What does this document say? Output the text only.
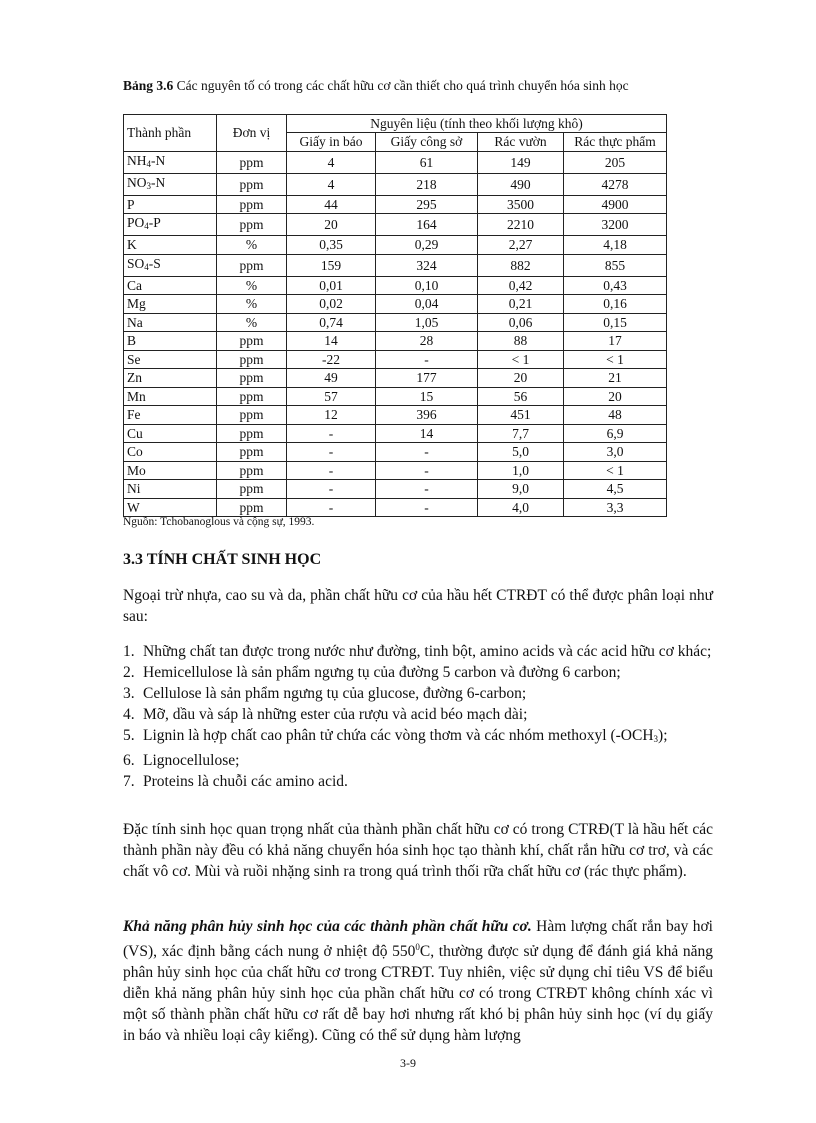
Bảng 3.6 Các nguyên tố có trong các chất hữu cơ cần thiết cho quá trình chuyển hóa sinh học
Thành phần	Đơn vị	Nguyên liệu (tính theo khối lượng khô)			
		Giấy in báo	Giấy công sở	Rác vườn	Rác thực phẩm
$NH_4-N$	ppm	4	61	149	205
$NO_3-N$	ppm	4	218	490	4278
P	ppm	44	295	3500	4900
$PO_4-P$	ppm	20	164	2210	3200
K	%	0,35	0,29	2,27	4,18
$SO_4-S$	ppm	159	324	882	855
Ca	%	0,01	0,10	0,42	0,43
Mg	%	0,02	0,04	0,21	0,16
Na	%	0,74	1,05	0,06	0,15
B	ppm	14	28	88	17
Se	ppm	-22	-	< 1	< 1
Zn	ppm	49	177	20	21
Mn	ppm	57	15	56	20
Fe	ppm	12	396	451	48
Cu	ppm	-	14	7,7	6,9
Co	ppm	-	-	5,0	3,0
Mo	ppm	-	-	1,0	< 1
Ni	ppm	-	-	9,0	4,5
W	ppm	-	-	4,0	3,3
Nguồn: Tchobanoglous và cộng sự, 1993.
3.3 TÍNH CHẤT SINH HỌC
Ngoại trừ nhựa, cao su và da, phần chất hữu cơ của hầu hết CTRĐT có thể được phân loại như sau:
1. Những chất tan được trong nước như đường, tinh bột, amino acids và các acid hữu cơ khác;
2. Hemicellulose là sản phẩm ngưng tụ của đường 5 carbon và đường 6 carbon;
3. Cellulose là sản phẩm ngưng tụ của glucose, đường 6-carbon;
4. Mỡ, dầu và sáp là những ester của rượu và acid béo mạch dài;
5. Lignin là hợp chất cao phân tử chứa các vòng thơm và các nhóm methoxyl $(-OCH_3)$;
6. Lignocellulose;
7. Proteins là chuỗi các amino acid.
Đặc tính sinh học quan trọng nhất của thành phần chất hữu cơ có trong CTRĐ(T là hầu hết các thành phần này đều có khả năng chuyển hóa sinh học tạo thành khí, chất rắn hữu cơ trơ, và các chất vô cơ. Mùi và ruồi nhặng sinh ra trong quá trình thối rữa chất hữu cơ (rác thực phẩm).
Khả năng phân hủy sinh học của các thành phần chất hữu cơ. Hàm lượng chất rắn bay hơi (VS), xác định bằng cách nung ở nhiệt độ $550^0C$, thường được sử dụng để đánh giá khả năng phân hủy sinh học của chất hữu cơ trong CTRĐT. Tuy nhiên, việc sử dụng chỉ tiêu VS để biểu diễn khả năng phân hủy sinh học của phần chất hữu cơ có trong CTRĐT không chính xác vì một số thành phần chất hữu cơ rất dễ bay hơi nhưng rất khó bị phân hủy sinh học (ví dụ giấy in báo và nhiều loại cây kiểng). Cũng có thể sử dụng hàm lượng
3-9
